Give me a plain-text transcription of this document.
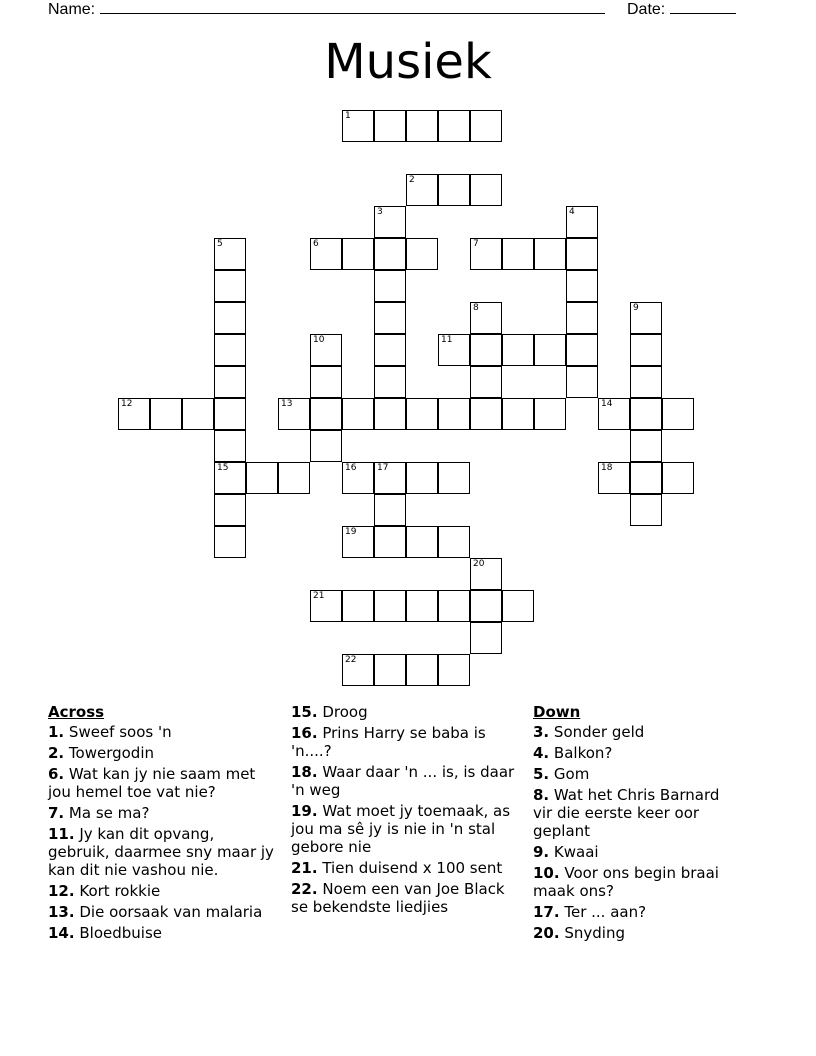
Name:	Date:
Musiek
1
2
3	4
5	6	7
8	9
10	11
12	13	14
15	16 17	18
19
20
21
22
Across
1. Sweef soos 'n
2. Towergodin
6. Wat kan jy nie saam met jou hemel toe vat nie?
7. Ma se ma?
11. Jy kan dit opvang, gebruik, daarmee sny maar jy kan dit nie vashou nie.
12. Kort rokkie
13. Die oorsaak van malaria
14. Bloedbuise
15. Droog
16. Prins Harry se baba is 'n....?
18. Waar daar 'n ... is, is daar 'n weg
19. Wat moet jy toemaak, as jou ma sê jy is nie in 'n stal gebore nie
21. Tien duisend x 100 sent
22. Noem een van Joe Black se bekendste liedjies
Down
3. Sonder geld
4. Balkon?
5. Gom
8. Wat het Chris Barnard vir die eerste keer oor geplant
9. Kwaai
10. Voor ons begin braai maak ons?
17. Ter ... aan?
20. Snyding
